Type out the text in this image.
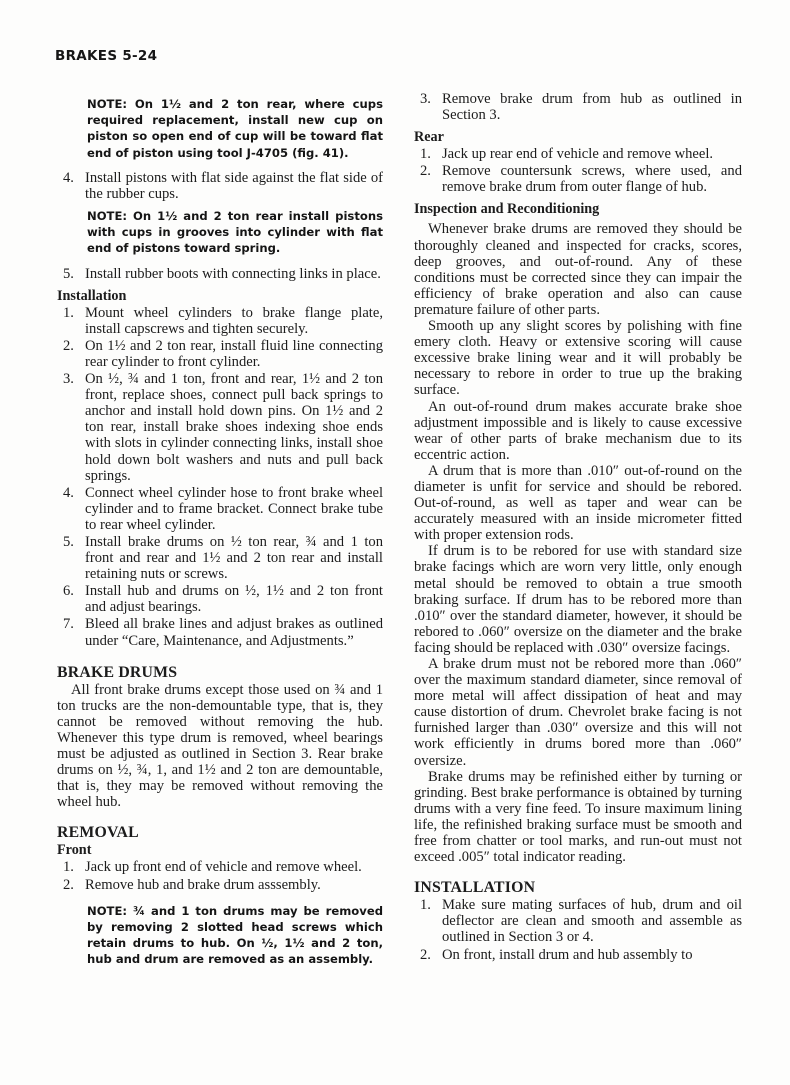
BRAKES 5-24
NOTE: On 1½ and 2 ton rear, where cups required replacement, install new cup on piston so open end of cup will be toward flat end of piston using tool J-4705 (fig. 41).
4. Install pistons with flat side against the flat side of the rubber cups.
NOTE: On 1½ and 2 ton rear install pistons with cups in grooves into cylinder with flat end of pistons toward spring.
5. Install rubber boots with connecting links in place.
Installation
1. Mount wheel cylinders to brake flange plate, install capscrews and tighten securely.
2. On 1½ and 2 ton rear, install fluid line connecting rear cylinder to front cylinder.
3. On ½, ¾ and 1 ton, front and rear, 1½ and 2 ton front, replace shoes, connect pull back springs to anchor and install hold down pins. On 1½ and 2 ton rear, install brake shoes indexing shoe ends with slots in cylinder connecting links, install shoe hold down bolt washers and nuts and pull back springs.
4. Connect wheel cylinder hose to front brake wheel cylinder and to frame bracket. Connect brake tube to rear wheel cylinder.
5. Install brake drums on ½ ton rear, ¾ and 1 ton front and rear and 1½ and 2 ton rear and install retaining nuts or screws.
6. Install hub and drums on ½, 1½ and 2 ton front and adjust bearings.
7. Bleed all brake lines and adjust brakes as outlined under “Care, Maintenance, and Adjustments.”
BRAKE DRUMS

All front brake drums except those used on ¾ and 1 ton trucks are the non-demountable type, that is, they cannot be removed without removing the hub. Whenever this type drum is removed, wheel bearings must be adjusted as outlined in Section 3. Rear brake drums on ½, ¾, 1, and 1½ and 2 ton are demountable, that is, they may be removed without removing the wheel hub.

REMOVAL
Front
1. Jack up front end of vehicle and remove wheel.
2. Remove hub and brake drum asssembly.
NOTE: ¾ and 1 ton drums may be removed by removing 2 slotted head screws which retain drums to hub. On ½, 1½ and 2 ton, hub and drum are removed as an assembly.
3. Remove brake drum from hub as outlined in Section 3.
Rear
1. Jack up rear end of vehicle and remove wheel.
2. Remove countersunk screws, where used, and remove brake drum from outer flange of hub.
Inspection and Reconditioning

Whenever brake drums are removed they should be thoroughly cleaned and inspected for cracks, scores, deep grooves, and out-of-round. Any of these conditions must be corrected since they can impair the efficiency of brake operation and also can cause premature failure of other parts.

Smooth up any slight scores by polishing with fine emery cloth. Heavy or extensive scoring will cause excessive brake lining wear and it will probably be necessary to rebore in order to true up the braking surface.

An out-of-round drum makes accurate brake shoe adjustment impossible and is likely to cause excessive wear of other parts of brake mechanism due to its eccentric action.

A drum that is more than .010″ out-of-round on the diameter is unfit for service and should be rebored. Out-of-round, as well as taper and wear can be accurately measured with an inside micrometer fitted with proper extension rods.

If drum is to be rebored for use with standard size brake facings which are worn very little, only enough metal should be removed to obtain a true smooth braking surface. If drum has to be rebored more than .010″ over the standard diameter, however, it should be rebored to .060″ oversize on the diameter and the brake facing should be replaced with .030″ oversize facings.

A brake drum must not be rebored more than .060″ over the maximum standard diameter, since removal of more metal will affect dissipation of heat and may cause distortion of drum. Chevrolet brake facing is not furnished larger than .030″ oversize and this will not work efficiently in drums bored more than .060″ oversize.

Brake drums may be refinished either by turning or grinding. Best brake performance is obtained by turning drums with a very fine feed. To insure maximum lining life, the refinished braking surface must be smooth and free from chatter or tool marks, and run-out must not exceed .005″ total indicator reading.

INSTALLATION
1. Make sure mating surfaces of hub, drum and oil deflector are clean and smooth and assemble as outlined in Section 3 or 4.
2. On front, install drum and hub assembly to
